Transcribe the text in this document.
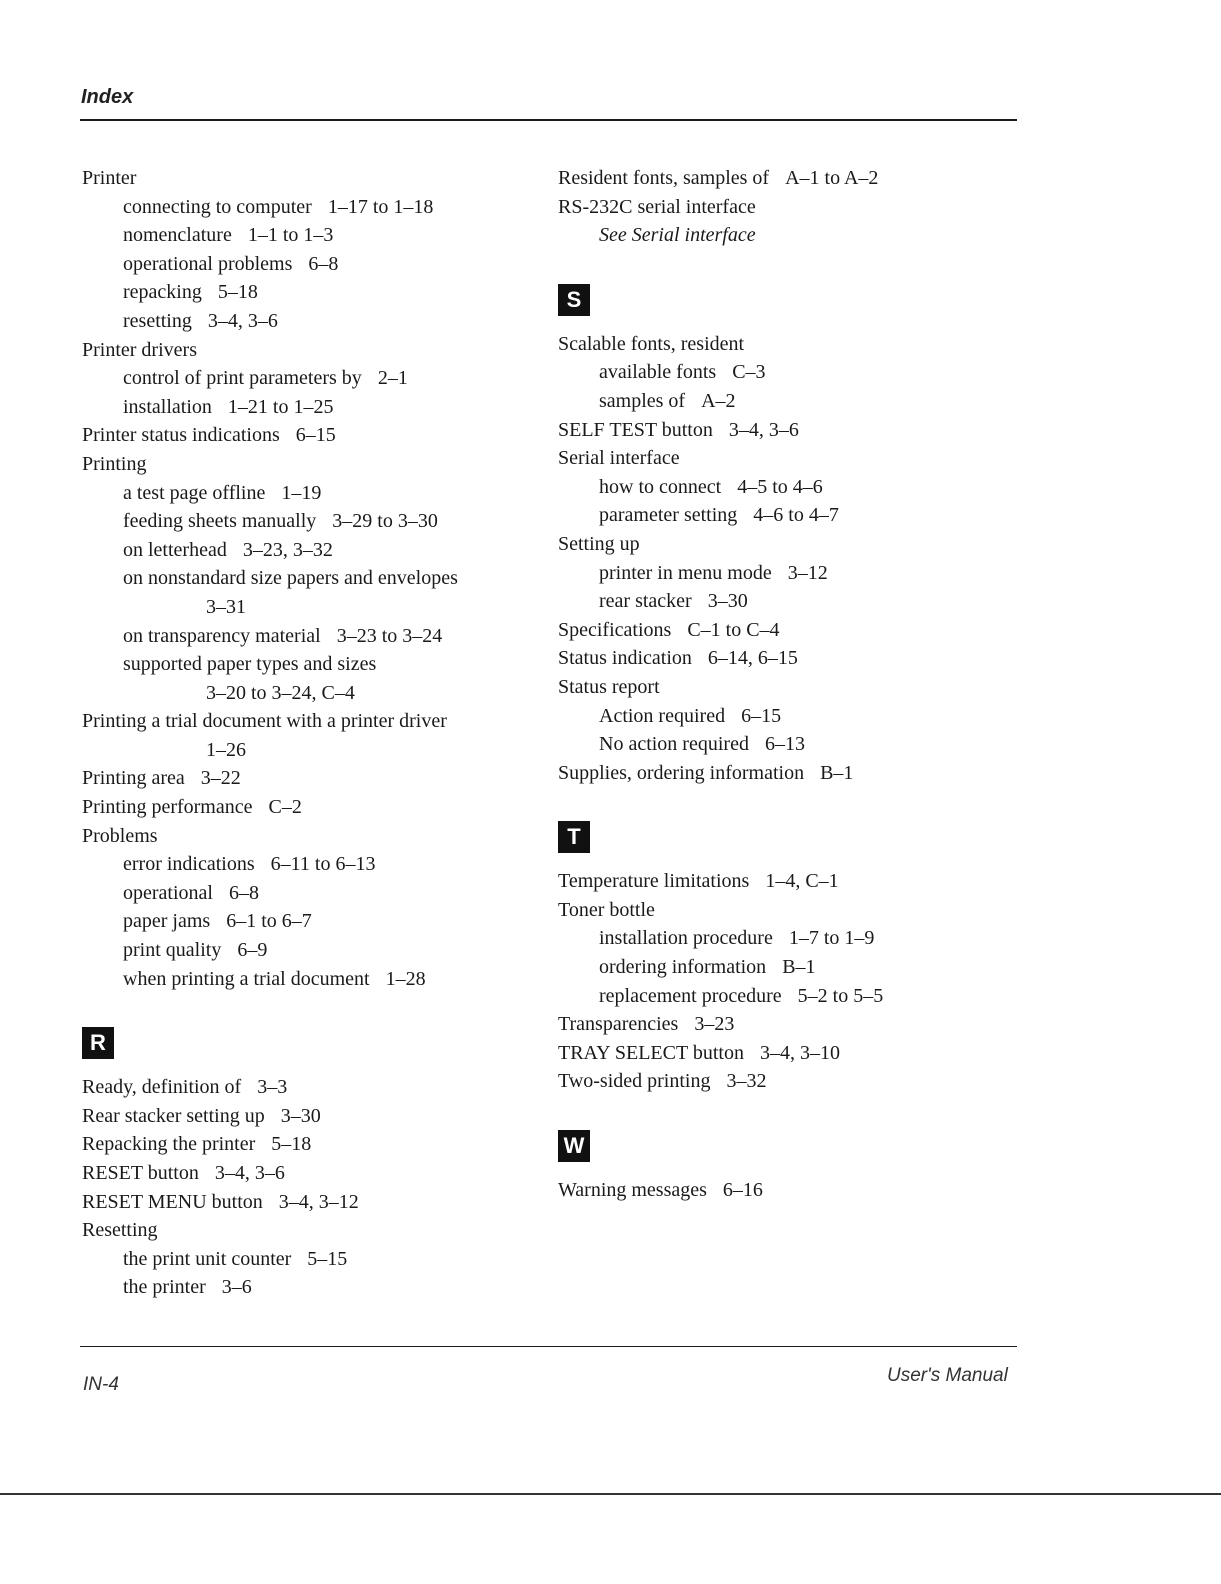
Index
Printer
connecting to computer 1–17 to 1–18
nomenclature 1–1 to 1–3
operational problems 6–8
repacking 5–18
resetting 3–4, 3–6
Printer drivers
control of print parameters by 2–1
installation 1–21 to 1–25
Printer status indications 6–15
Printing
a test page offline 1–19
feeding sheets manually 3–29 to 3–30
on letterhead 3–23, 3–32
on nonstandard size papers and envelopes
3–31
on transparency material 3–23 to 3–24
supported paper types and sizes
3–20 to 3–24, C–4
Printing a trial document with a printer driver
1–26
Printing area 3–22
Printing performance C–2
Problems
error indications 6–11 to 6–13
operational 6–8
paper jams 6–1 to 6–7
print quality 6–9
when printing a trial document 1–28
R
Ready, definition of 3–3
Rear stacker setting up 3–30
Repacking the printer 5–18
RESET button 3–4, 3–6
RESET MENU button 3–4, 3–12
Resetting
the print unit counter 5–15
the printer 3–6
Resident fonts, samples of A–1 to A–2
RS-232C serial interface
See Serial interface
S
Scalable fonts, resident
available fonts C–3
samples of A–2
SELF TEST button 3–4, 3–6
Serial interface
how to connect 4–5 to 4–6
parameter setting 4–6 to 4–7
Setting up
printer in menu mode 3–12
rear stacker 3–30
Specifications C–1 to C–4
Status indication 6–14, 6–15
Status report
Action required 6–15
No action required 6–13
Supplies, ordering information B–1
T
Temperature limitations 1–4, C–1
Toner bottle
installation procedure 1–7 to 1–9
ordering information B–1
replacement procedure 5–2 to 5–5
Transparencies 3–23
TRAY SELECT button 3–4, 3–10
Two-sided printing 3–32
W
Warning messages 6–16
IN-4	User's Manual
